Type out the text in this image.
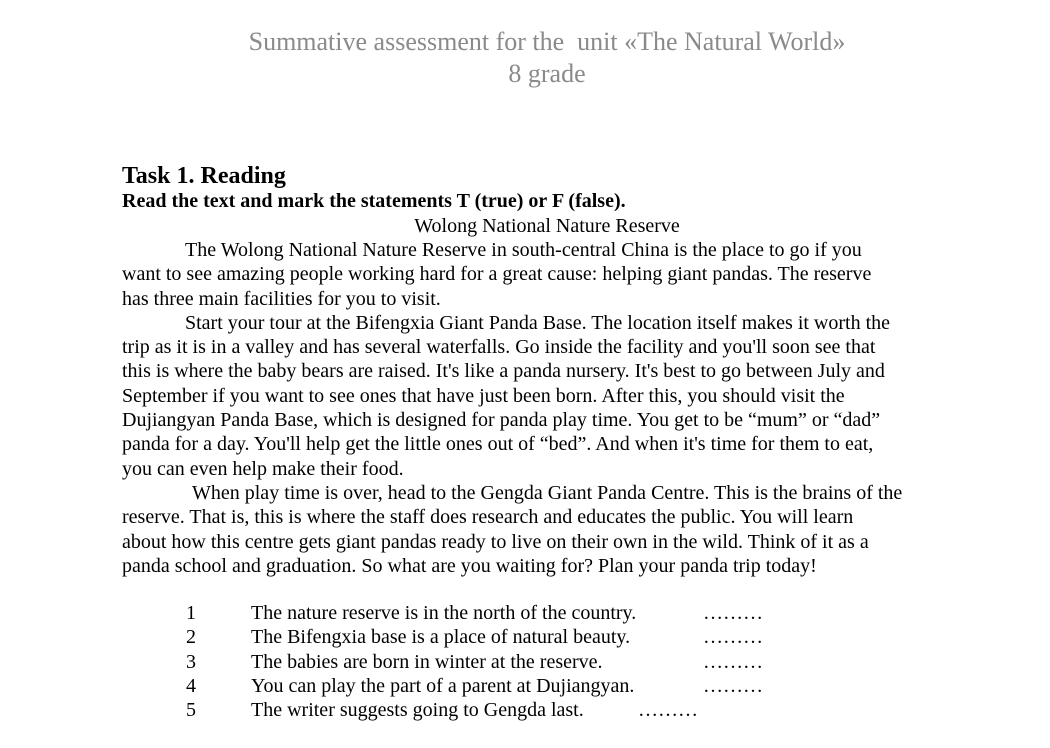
Summative assessment for the  unit «The Natural World»
8 grade
Task 1. Reading
Read the text and mark the statements T (true) or F (false).
Wolong National Nature Reserve

The Wolong National Nature Reserve in south-central China is the place to go if you
want to see amazing people working hard for a great cause: helping giant pandas. The reserve
has three main facilities for you to visit.

Start your tour at the Bifengxia Giant Panda Base. The location itself makes it worth the
trip as it is in a valley and has several waterfalls. Go inside the facility and you'll soon see that
this is where the baby bears are raised. It's like a panda nursery. It's best to go between July and
September if you want to see ones that have just been born. After this, you should visit the
Dujiangyan Panda Base, which is designed for panda play time. You get to be “mum” or “dad”
panda for a day. You'll help get the little ones out of “bed”. And when it's time for them to eat,
you can even help make their food.

When play time is over, head to the Gengda Giant Panda Centre. This is the brains of the
reserve. That is, this is where the staff does research and educates the public. You will learn
about how this centre gets giant pandas ready to live on their own in the wild. Think of it as a
panda school and graduation. So what are you waiting for? Plan your panda trip today!

1	The nature reserve is in the north of the country.	………
2	The Bifengxia base is a place of natural beauty.	………
3	The babies are born in winter at the reserve.	………
4	You can play the part of a parent at Dujiangyan.	………
5	The writer suggests going to Gengda last.	………
